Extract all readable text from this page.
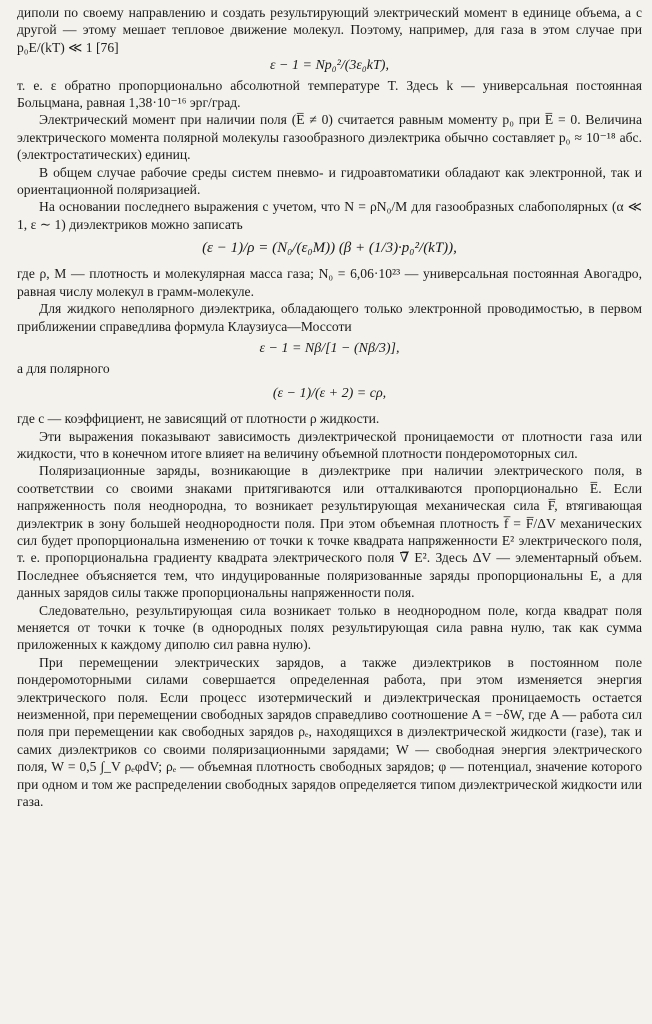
диполи по своему направлению и создать результирующий электрический момент в единице объема, а с другой — этому мешает тепловое движение молекул. Поэтому, например, для газа в этом случае при p₀E/(kT) ≪ 1 [76]

ε − 1 = Np₀²/(3ε₀kT),

т. е. ε обратно пропорционально абсолютной температуре T. Здесь k — универсальная постоянная Больцмана, равная 1,38·10⁻¹⁶ эрг/град.

Электрический момент при наличии поля (E̅ ≠ 0) считается равным моменту p₀ при E̅ = 0. Величина электрического момента полярной молекулы газообразного диэлектрика обычно составляет p₀ ≈ 10⁻¹⁸ абс. (электростатических) единиц.

В общем случае рабочие среды систем пневмо- и гидроавтоматики обладают как электронной, так и ориентационной поляризацией.

На основании последнего выражения с учетом, что N = ρN₀/M для газообразных слабополярных (α ≪ 1, ε ∼ 1) диэлектриков можно записать

(ε − 1)/ρ = (N₀/(ε₀M)) (β + (1/3)·p₀²/(kT)),

где ρ, M — плотность и молекулярная масса газа; N₀ = 6,06·10²³ — универсальная постоянная Авогадро, равная числу молекул в грамм-молекуле.

Для жидкого неполярного диэлектрика, обладающего только электронной проводимостью, в первом приближении справедлива формула Клаузиуса—Моссоти

ε − 1 = Nβ/[1 − (Nβ/3)],

а для полярного

(ε − 1)/(ε + 2) = cρ,

где c — коэффициент, не зависящий от плотности ρ жидкости.

Эти выражения показывают зависимость диэлектрической проницаемости от плотности газа или жидкости, что в конечном итоге влияет на величину объемной плотности пондеромоторных сил.

Поляризационные заряды, возникающие в диэлектрике при наличии электрического поля, в соответствии со своими знаками притягиваются или отталкиваются пропорционально E̅. Если напряженность поля неоднородна, то возникает результирующая механическая сила F̅, втягивающая диэлектрик в зону большей неоднородности поля. При этом объемная плотность f̅ = F̅/ΔV механических сил будет пропорциональна изменению от точки к точке квадрата напряженности E² электрического поля, т. е. пропорциональна градиенту квадрата электрического поля ∇̅ E². Здесь ΔV — элементарный объем. Последнее объясняется тем, что индуцированные поляризованные заряды пропорциональны E, а для данных зарядов силы также пропорциональны напряженности поля.

Следовательно, результирующая сила возникает только в неоднородном поле, когда квадрат поля меняется от точки к точке (в однородных полях результирующая сила равна нулю, так как сумма приложенных к каждому диполю сил равна нулю).

При перемещении электрических зарядов, а также диэлектриков в постоянном поле пондеромоторными силами совершается определенная работа, при этом изменяется энергия электрического поля. Если процесс изотермический и диэлектрическая проницаемость остается неизменной, при перемещении свободных зарядов справедливо соотношение A = −δW, где A — работа сил поля при перемещении как свободных зарядов ρₑ, находящихся в диэлектрической жидкости (газе), так и самих диэлектриков со своими поляризационными зарядами; W — свободная энергия электрического поля, W = 0,5 ∫_V ρₑφdV; ρₑ — объемная плотность свободных зарядов; φ — потенциал, значение которого при одном и том же распределении свободных зарядов определяется типом диэлектрической жидкости или газа.
